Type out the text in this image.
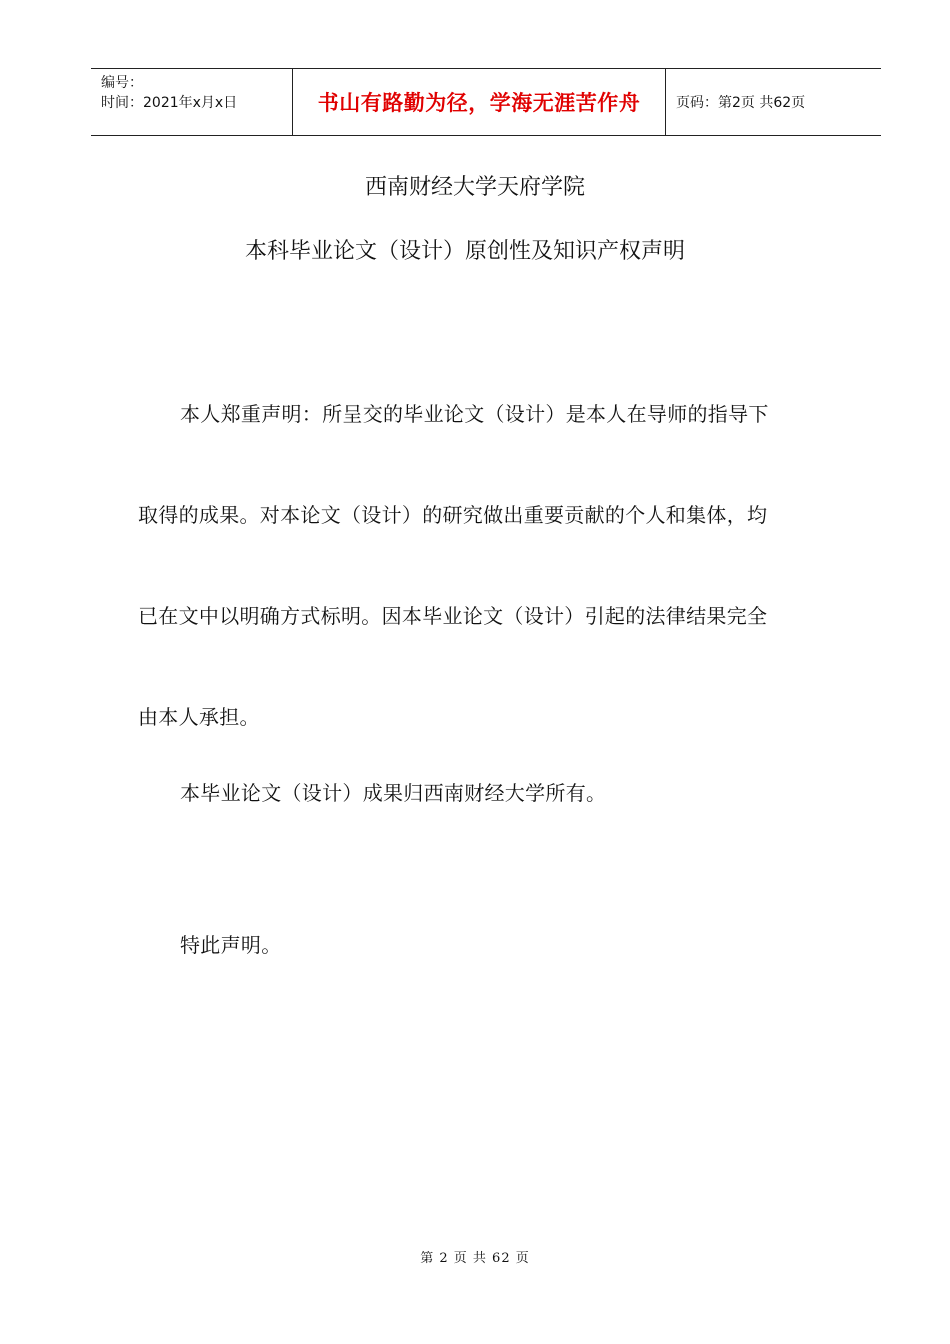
编号：
时间：2021年x月x日	书山有路勤为径，学海无涯苦作舟	页码：第2页 共62页
西南财经大学天府学院
本科毕业论文（设计）原创性及知识产权声明
本人郑重声明：所呈交的毕业论文（设计）是本人在导师的指导下
取得的成果。对本论文（设计）的研究做出重要贡献的个人和集体，均
已在文中以明确方式标明。因本毕业论文（设计）引起的法律结果完全
由本人承担。
本毕业论文（设计）成果归西南财经大学所有。
特此声明。
第 2 页 共 62 页
